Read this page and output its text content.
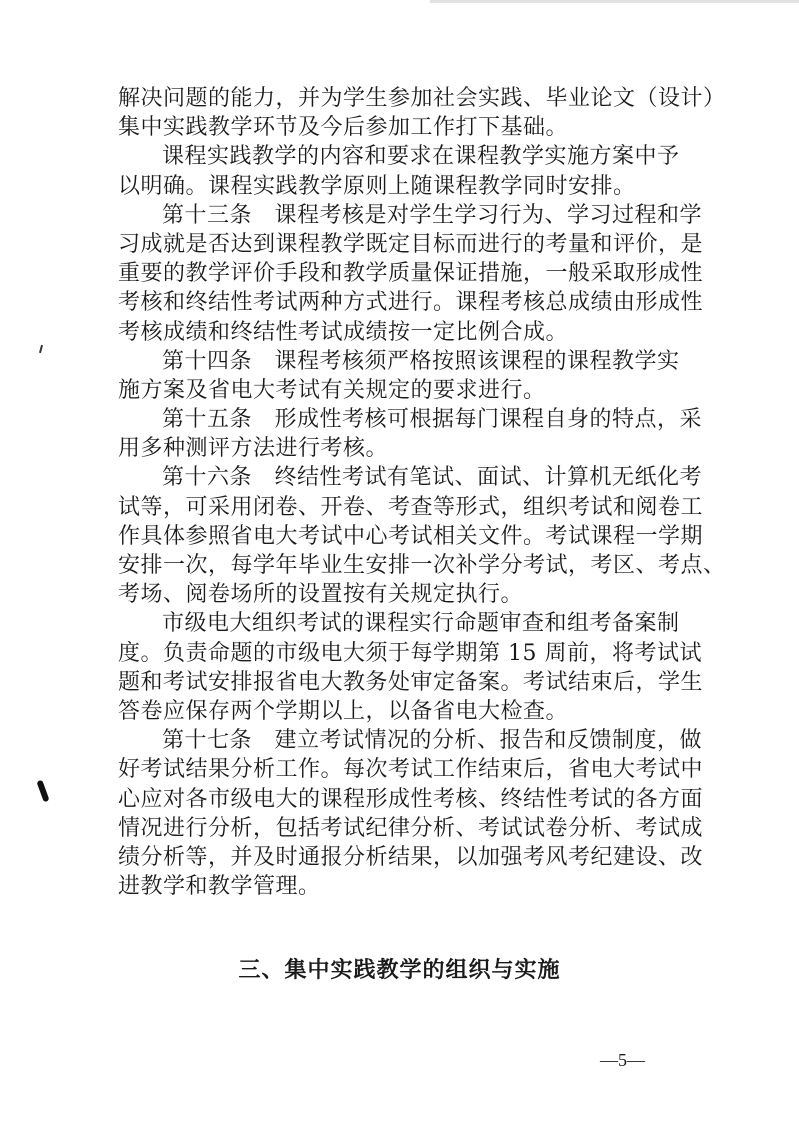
解决问题的能力，并为学生参加社会实践、毕业论文（设计）
集中实践教学环节及今后参加工作打下基础。
课程实践教学的内容和要求在课程教学实施方案中予
以明确。课程实践教学原则上随课程教学同时安排。
第十三条　课程考核是对学生学习行为、学习过程和学
习成就是否达到课程教学既定目标而进行的考量和评价，是
重要的教学评价手段和教学质量保证措施，一般采取形成性
考核和终结性考试两种方式进行。课程考核总成绩由形成性
考核成绩和终结性考试成绩按一定比例合成。
第十四条　课程考核须严格按照该课程的课程教学实
施方案及省电大考试有关规定的要求进行。
第十五条　形成性考核可根据每门课程自身的特点，采
用多种测评方法进行考核。
第十六条　终结性考试有笔试、面试、计算机无纸化考
试等，可采用闭卷、开卷、考查等形式，组织考试和阅卷工
作具体参照省电大考试中心考试相关文件。考试课程一学期
安排一次，每学年毕业生安排一次补学分考试，考区、考点、
考场、阅卷场所的设置按有关规定执行。
市级电大组织考试的课程实行命题审查和组考备案制
度。负责命题的市级电大须于每学期第 15 周前，将考试试
题和考试安排报省电大教务处审定备案。考试结束后，学生
答卷应保存两个学期以上，以备省电大检查。
第十七条　建立考试情况的分析、报告和反馈制度，做
好考试结果分析工作。每次考试工作结束后，省电大考试中
心应对各市级电大的课程形成性考核、终结性考试的各方面
情况进行分析，包括考试纪律分析、考试试卷分析、考试成
绩分析等，并及时通报分析结果，以加强考风考纪建设、改
进教学和教学管理。
三、集中实践教学的组织与实施
—5—
